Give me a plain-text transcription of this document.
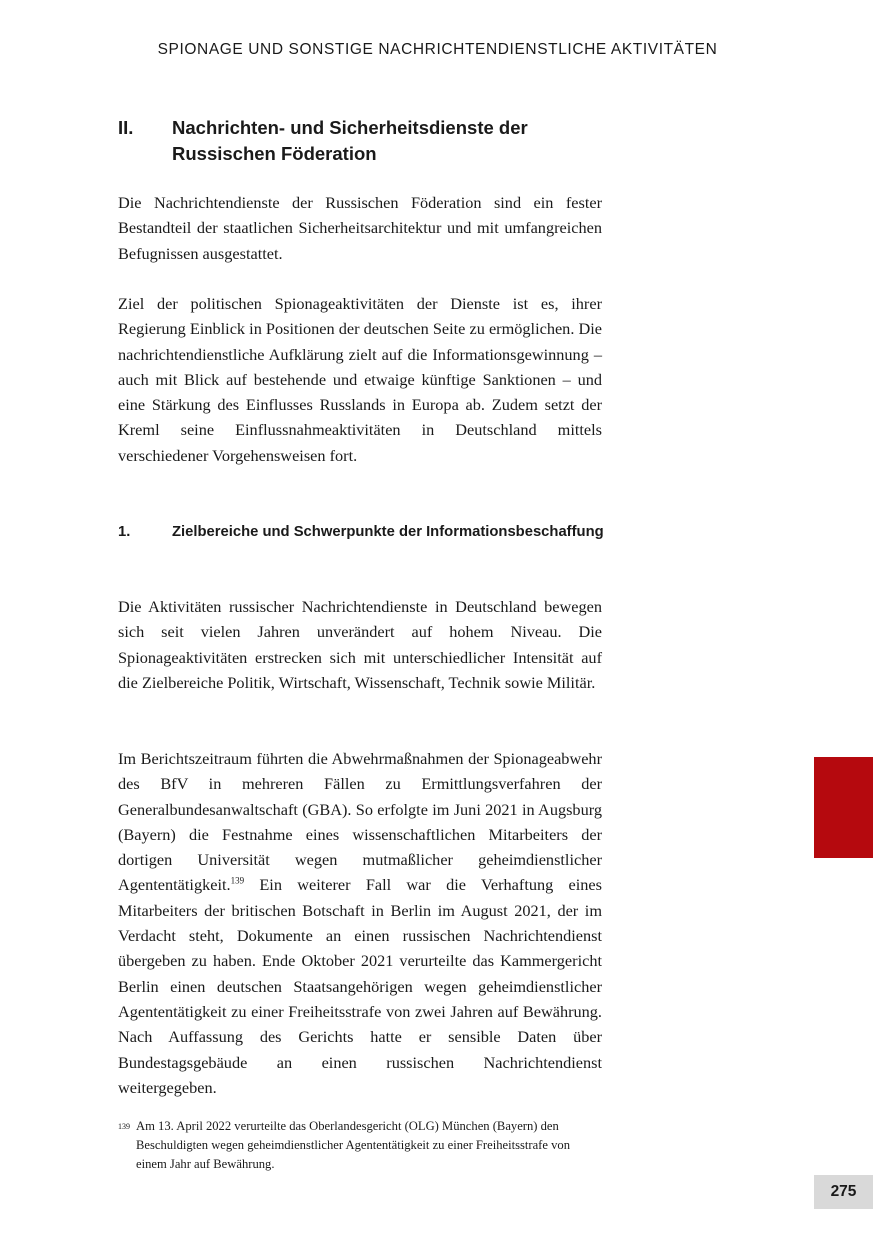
SPIONAGE UND SONSTIGE NACHRICHTENDIENSTLICHE AKTIVITÄTEN
II. Nachrichten- und Sicherheitsdienste der Russischen Föderation

Die Nachrichtendienste der Russischen Föderation sind ein fester Bestandteil der staatlichen Sicherheitsarchitektur und mit umfangreichen Befugnissen ausgestattet.

Ziel der politischen Spionageaktivitäten der Dienste ist es, ihrer Regierung Einblick in Positionen der deutschen Seite zu ermöglichen. Die nachrichtendienstliche Aufklärung zielt auf die Informationsgewinnung – auch mit Blick auf bestehende und etwaige künftige Sanktionen – und eine Stärkung des Einflusses Russlands in Europa ab. Zudem setzt der Kreml seine Einflussnahmeaktivitäten in Deutschland mittels verschiedener Vorgehensweisen fort.

1.	Zielbereiche und Schwerpunkte der Informationsbeschaffung

Die Aktivitäten russischer Nachrichtendienste in Deutschland bewegen sich seit vielen Jahren unverändert auf hohem Niveau. Die Spionageaktivitäten erstrecken sich mit unterschiedlicher Intensität auf die Zielbereiche Politik, Wirtschaft, Wissenschaft, Technik sowie Militär.

Im Berichtszeitraum führten die Abwehrmaßnahmen der Spionageabwehr des BfV in mehreren Fällen zu Ermittlungsverfahren der Generalbundesanwaltschaft (GBA). So erfolgte im Juni 2021 in Augsburg (Bayern) die Festnahme eines wissenschaftlichen Mitarbeiters der dortigen Universität wegen mutmaßlicher geheimdienstlicher Agententätigkeit.$^{139}$ Ein weiterer Fall war die Verhaftung eines Mitarbeiters der britischen Botschaft in Berlin im August 2021, der im Verdacht steht, Dokumente an einen russischen Nachrichtendienst übergeben zu haben. Ende Oktober 2021 verurteilte das Kammergericht Berlin einen deutschen Staatsangehörigen wegen geheimdienstlicher Agententätigkeit zu einer Freiheitsstrafe von zwei Jahren auf Bewährung. Nach Auffassung des Gerichts hatte er sensible Daten über Bundestagsgebäude an einen russischen Nachrichtendienst weitergegeben.

139 Am 13. April 2022 verurteilte das Oberlandesgericht (OLG) München (Bayern) den Beschuldigten wegen geheimdienstlicher Agententätigkeit zu einer Freiheitsstrafe von einem Jahr auf Bewährung.
275
